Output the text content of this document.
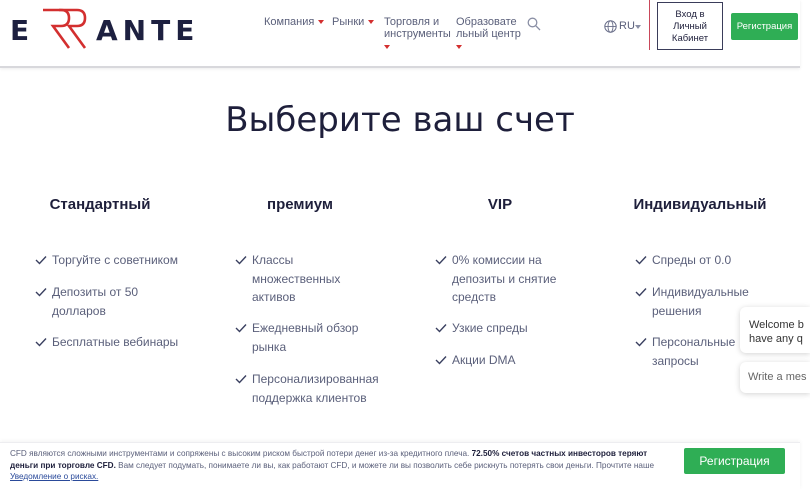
E ANTE	Компания	Рынки	Торговля и
инструменты
Образовате
льный центр
RU
Вход в
Личный
Кабинет
Регистрация
Выберите ваш счет
Стандартный	премиум	VIP	Индивидуальный
Торгуйте с советником
Депозиты от 50
долларов
Бесплатные вебинары
Классы
множественных
активов
Ежедневный обзор
рынка
Персонализированная
поддержка клиентов
0% комиссии на
депозиты и снятие
средств
Узкие спреды
Акции DMA
Спреды от 0.0
Индивидуальные
решения
Персональные
запросы
Welcome b
have any q
Write a mes
CFD являются сложными инструментами и сопряжены с высоким риском быстрой потери денег из-за кредитного плеча. 72.50% счетов частных инвесторов теряют деньги при торговле CFD. Вам следует подумать, понимаете ли вы, как работают CFD, и можете ли вы позволить себе рискнуть потерять свои деньги. Прочтите наше Уведомление о рисках.
Регистрация
